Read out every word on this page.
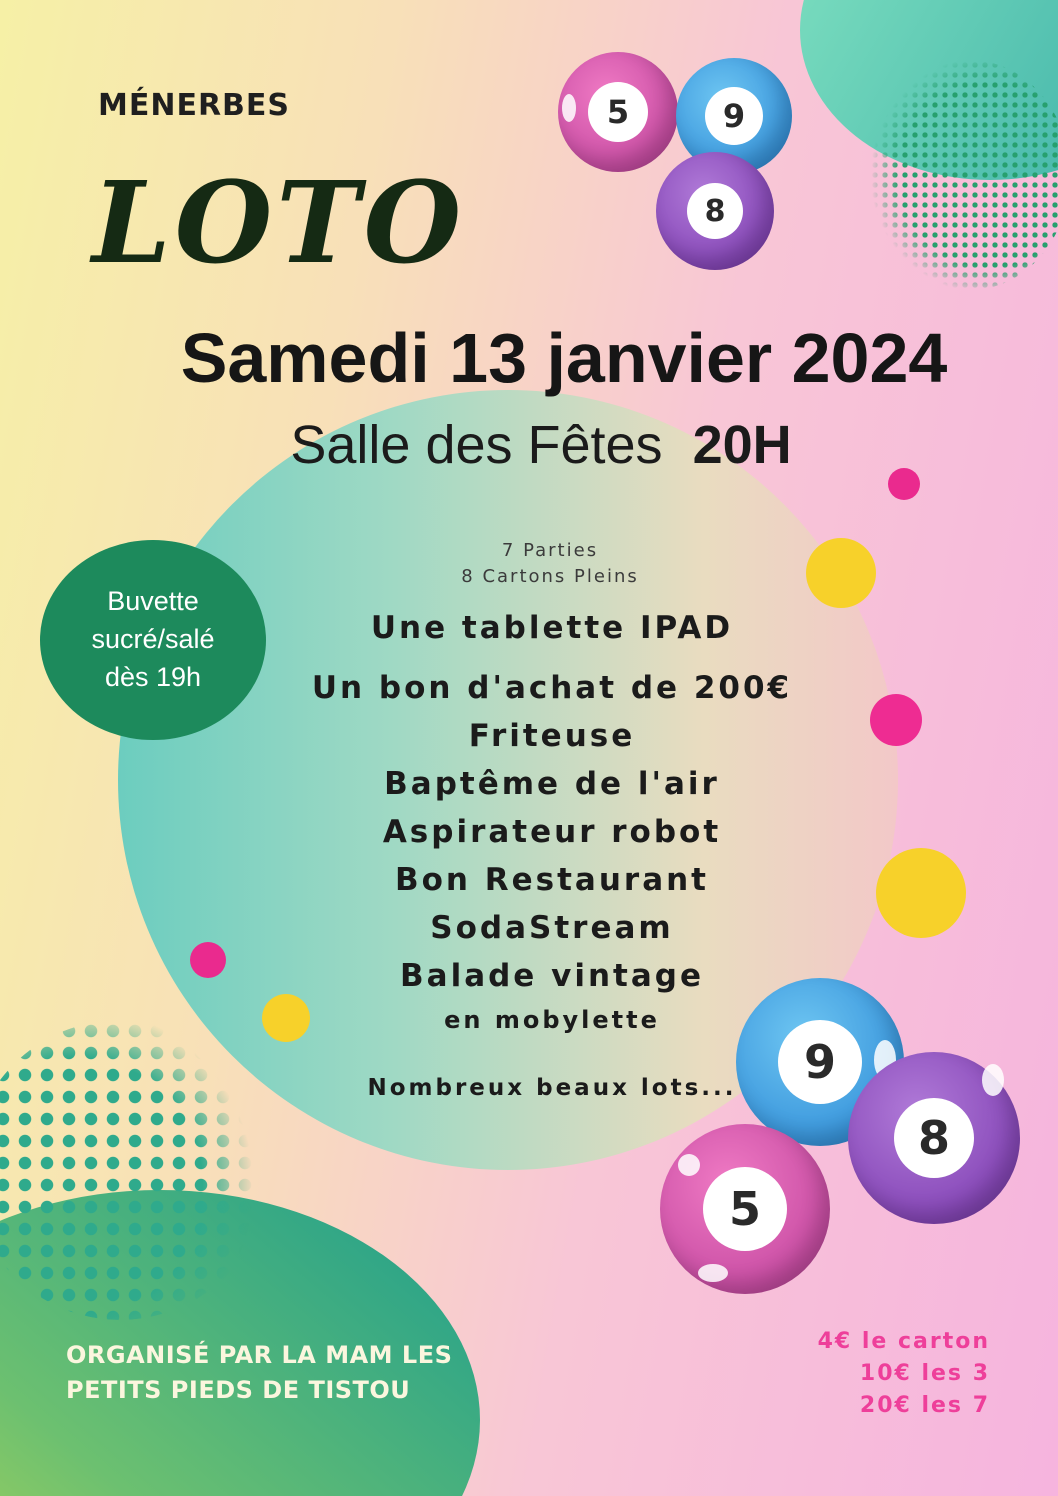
5	9
8
9
8
5
MÉNERBES
LOTO
Samedi 13 janvier 2024
Salle des Fêtes 20H
Buvette
sucré/salé
dès 19h
7 Parties
8 Cartons Pleins
Une tablette IPAD
Un bon d'achat de 200€
Friteuse
Baptême de l'air
Aspirateur robot
Bon Restaurant
SodaStream
Balade vintage
en mobylette
Nombreux beaux lots...
ORGANISÉ PAR LA MAM LES
PETITS PIEDS DE TISTOU
4€ le carton
10€ les 3
20€ les 7
